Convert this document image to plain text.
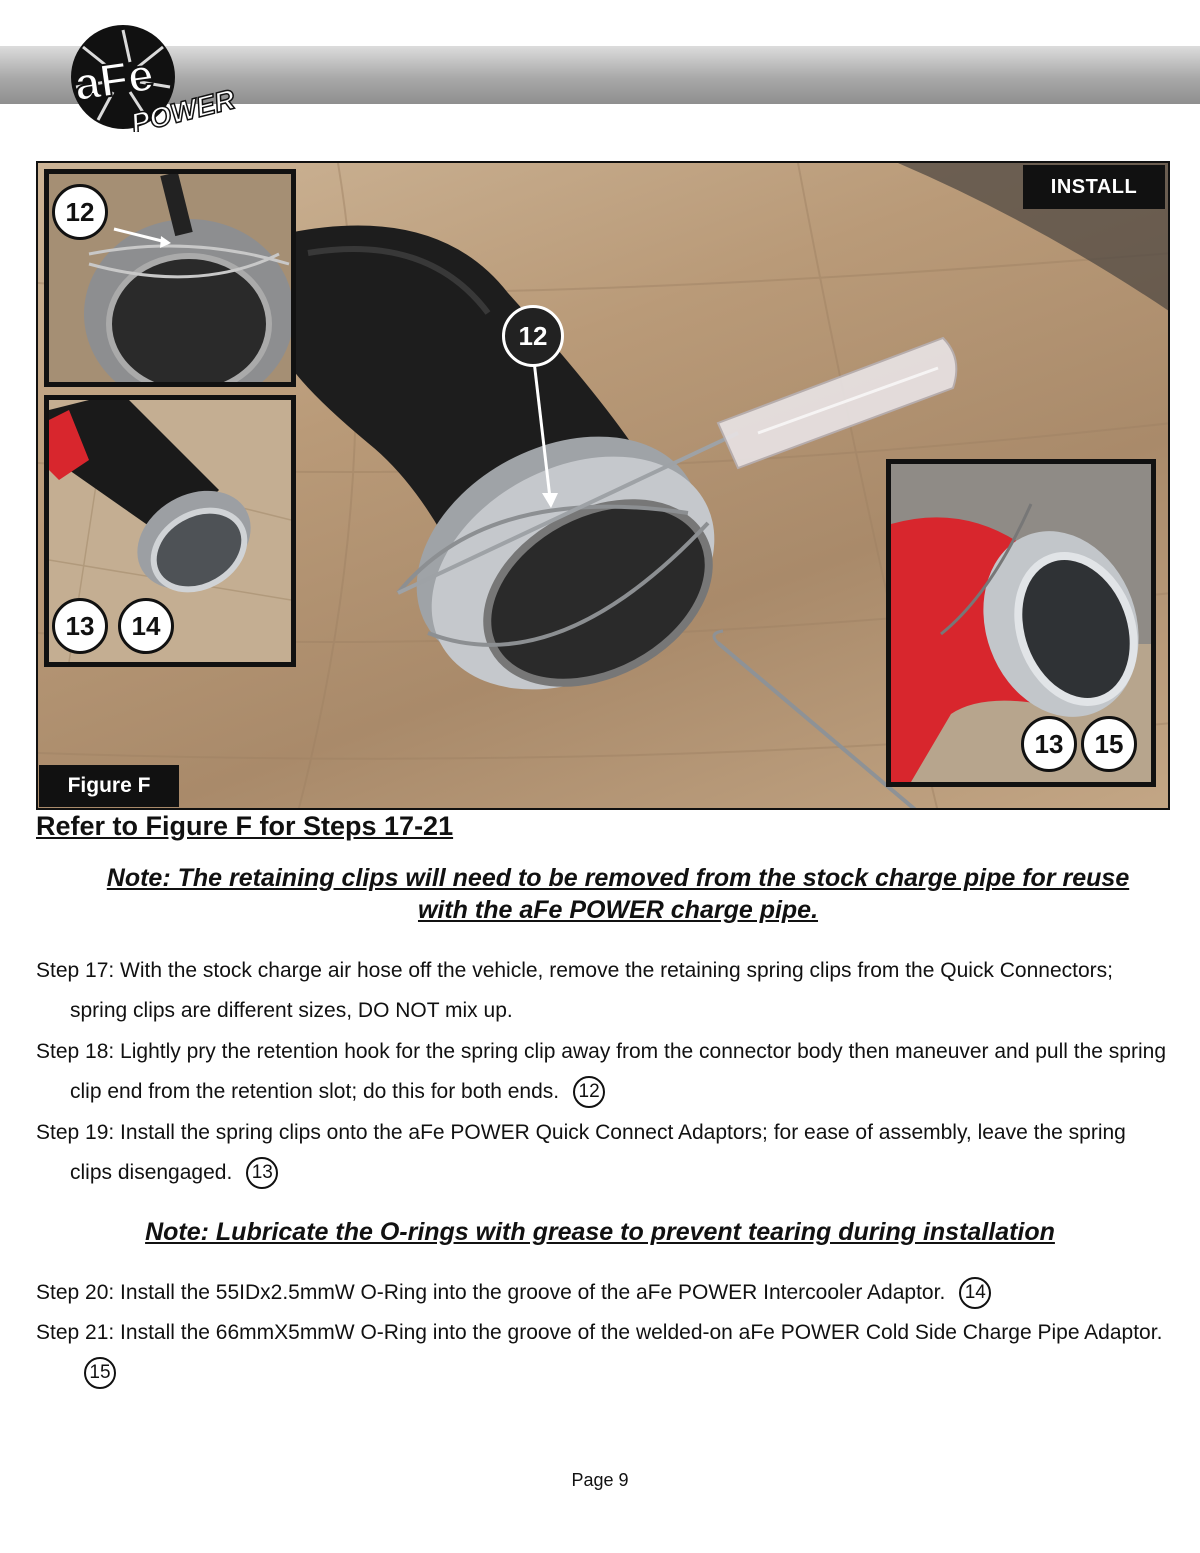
aFe
POWER
INSTALL
Figure F
12
13	14
13	15
12
Refer to Figure F for Steps 17-21

Note: The retaining clips will need to be removed from the stock charge pipe for reuse with the aFe POWER charge pipe.

Step 17: With the stock charge air hose off the vehicle, remove the retaining spring clips from the Quick Connectors; spring clips are different sizes, DO NOT mix up.

Step 18: Lightly pry the retention hook for the spring clip away from the connector body then maneuver and pull the spring clip end from the retention slot; do this for both ends. 12

Step 19: Install the spring clips onto the aFe POWER Quick Connect Adaptors; for ease of assembly, leave the spring clips disengaged. 13

Note: Lubricate the O-rings with grease to prevent tearing during installation

Step 20: Install the 55IDx2.5mmW O-Ring into the groove of the aFe POWER Intercooler Adaptor. 14

Step 21: Install the 66mmX5mmW O-Ring into the groove of the welded-on aFe POWER Cold Side Charge Pipe Adaptor.15

Page 9
